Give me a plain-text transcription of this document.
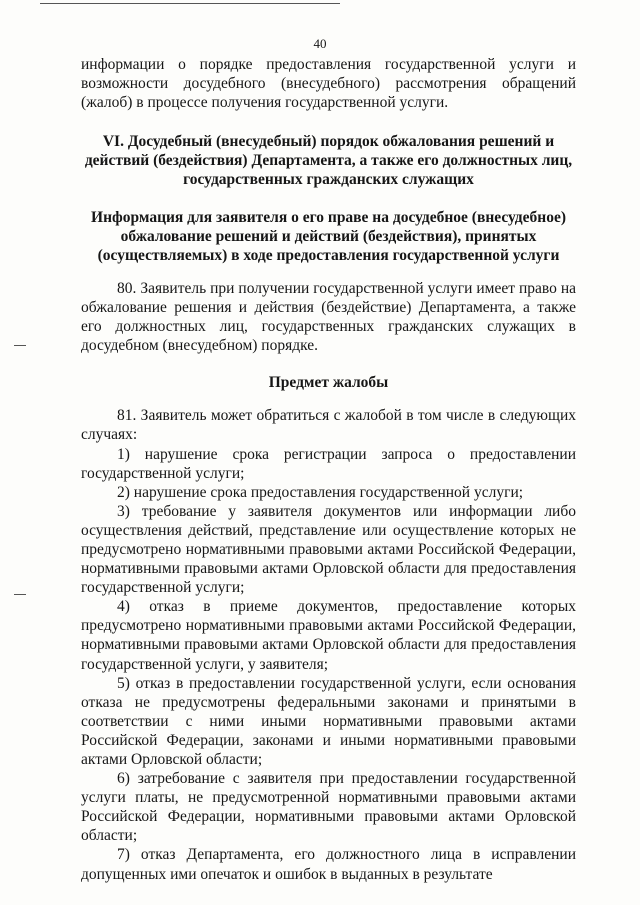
40

информации о порядке предоставления государственной услуги и возможности досудебного (внесудебного) рассмотрения обращений (жалоб) в процессе получения государственной услуги.

VI. Досудебный (внесудебный) порядок обжалования решений и действий (бездействия) Департамента, а также его должностных лиц, государственных гражданских служащих

Информация для заявителя о его праве на досудебное (внесудебное) обжалование решений и действий (бездействия), принятых (осуществляемых) в ходе предоставления государственной услуги

80. Заявитель при получении государственной услуги имеет право на обжалование решения и действия (бездействие) Департамента, а также его должностных лиц, государственных гражданских служащих в досудебном (внесудебном) порядке.

Предмет жалобы

81. Заявитель может обратиться с жалобой в том числе в следующих случаях:

1) нарушение срока регистрации запроса о предоставлении государственной услуги;

2) нарушение срока предоставления государственной услуги;

3) требование у заявителя документов или информации либо осуществления действий, представление или осуществление которых не предусмотрено нормативными правовыми актами Российской Федерации, нормативными правовыми актами Орловской области для предоставления государственной услуги;

4) отказ в приеме документов, предоставление которых предусмотрено нормативными правовыми актами Российской Федерации, нормативными правовыми актами Орловской области для предоставления государственной услуги, у заявителя;

5) отказ в предоставлении государственной услуги, если основания отказа не предусмотрены федеральными законами и принятыми в соответствии с ними иными нормативными правовыми актами Российской Федерации, законами и иными нормативными правовыми актами Орловской области;

6) затребование с заявителя при предоставлении государственной услуги платы, не предусмотренной нормативными правовыми актами Российской Федерации, нормативными правовыми актами Орловской области;

7) отказ Департамента, его должностного лица в исправлении допущенных ими опечаток и ошибок в выданных в результате
